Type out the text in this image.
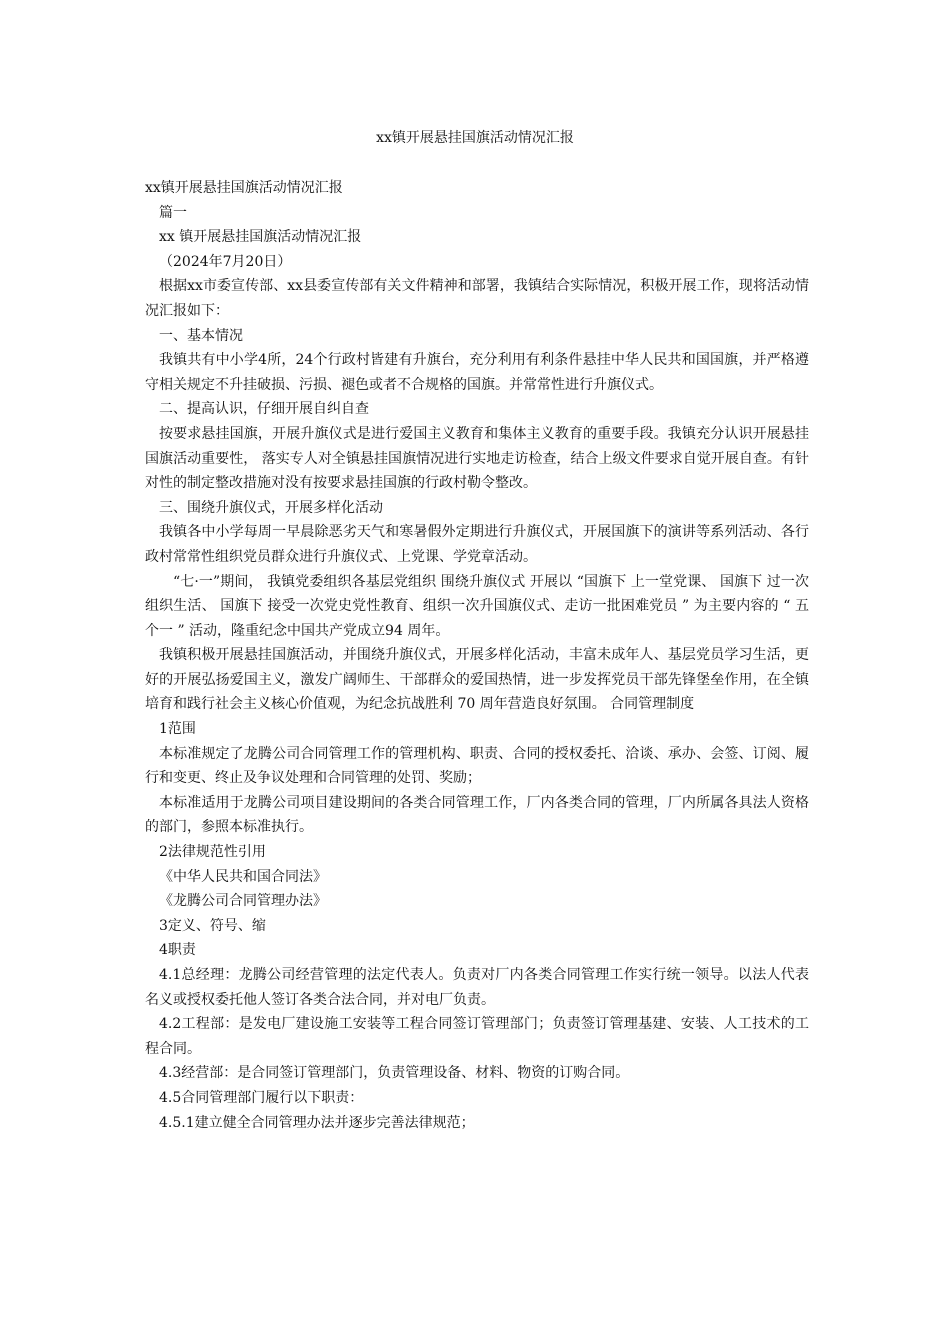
xx镇开展悬挂国旗活动情况汇报

xx镇开展悬挂国旗活动情况汇报

篇一

xx 镇开展悬挂国旗活动情况汇报

（2024年7月20日）

根据xx市委宣传部、xx县委宣传部有关文件精神和部署，我镇结合实际情况，积极开展工作，现将活动情况汇报如下：

一、基本情况

我镇共有中小学4所，24个行政村皆建有升旗台，充分利用有利条件悬挂中华人民共和国国旗，并严格遵守相关规定不升挂破损、污损、褪色或者不合规格的国旗。并常常性进行升旗仪式。

二、提高认识，仔细开展自纠自查

按要求悬挂国旗，开展升旗仪式是进行爱国主义教育和集体主义教育的重要手段。我镇充分认识开展悬挂国旗活动重要性， 落实专人对全镇悬挂国旗情况进行实地走访检查，结合上级文件要求自觉开展自查。有针对性的制定整改措施对没有按要求悬挂国旗的行政村勒令整改。

三、围绕升旗仪式，开展多样化活动

我镇各中小学每周一早晨除恶劣天气和寒暑假外定期进行升旗仪式，开展国旗下的演讲等系列活动、各行政村常常性组织党员群众进行升旗仪式、上党课、学党章活动。

“七·一”期间， 我镇党委组织各基层党组织 围绕升旗仪式 开展以 “国旗下 上一堂党课、 国旗下 过一次组织生活、 国旗下 接受一次党史党性教育、组织一次升国旗仪式、走访一批困难党员 ” 为主要内容的 “ 五个一 ” 活动，隆重纪念中国共产党成立94 周年。

我镇积极开展悬挂国旗活动，并围绕升旗仪式，开展多样化活动，丰富未成年人、基层党员学习生活，更好的开展弘扬爱国主义，激发广阔师生、干部群众的爱国热情，进一步发挥党员干部先锋堡垒作用，在全镇培育和践行社会主义核心价值观，为纪念抗战胜利 70 周年营造良好氛围。 合同管理制度

1范围

本标准规定了龙腾公司合同管理工作的管理机构、职责、合同的授权委托、洽谈、承办、会签、订阅、履行和变更、终止及争议处理和合同管理的处罚、奖励；

本标准适用于龙腾公司项目建设期间的各类合同管理工作，厂内各类合同的管理，厂内所属各具法人资格的部门，参照本标准执行。

2法律规范性引用

《中华人民共和国合同法》

《龙腾公司合同管理办法》

3定义、符号、缩

4职责

4.1总经理：龙腾公司经营管理的法定代表人。负责对厂内各类合同管理工作实行统一领导。以法人代表名义或授权委托他人签订各类合法合同，并对电厂负责。

4.2工程部：是发电厂建设施工安装等工程合同签订管理部门；负责签订管理基建、安装、人工技术的工程合同。

4.3经营部：是合同签订管理部门，负责管理设备、材料、物资的订购合同。

4.5合同管理部门履行以下职责：

4.5.1建立健全合同管理办法并逐步完善法律规范；
